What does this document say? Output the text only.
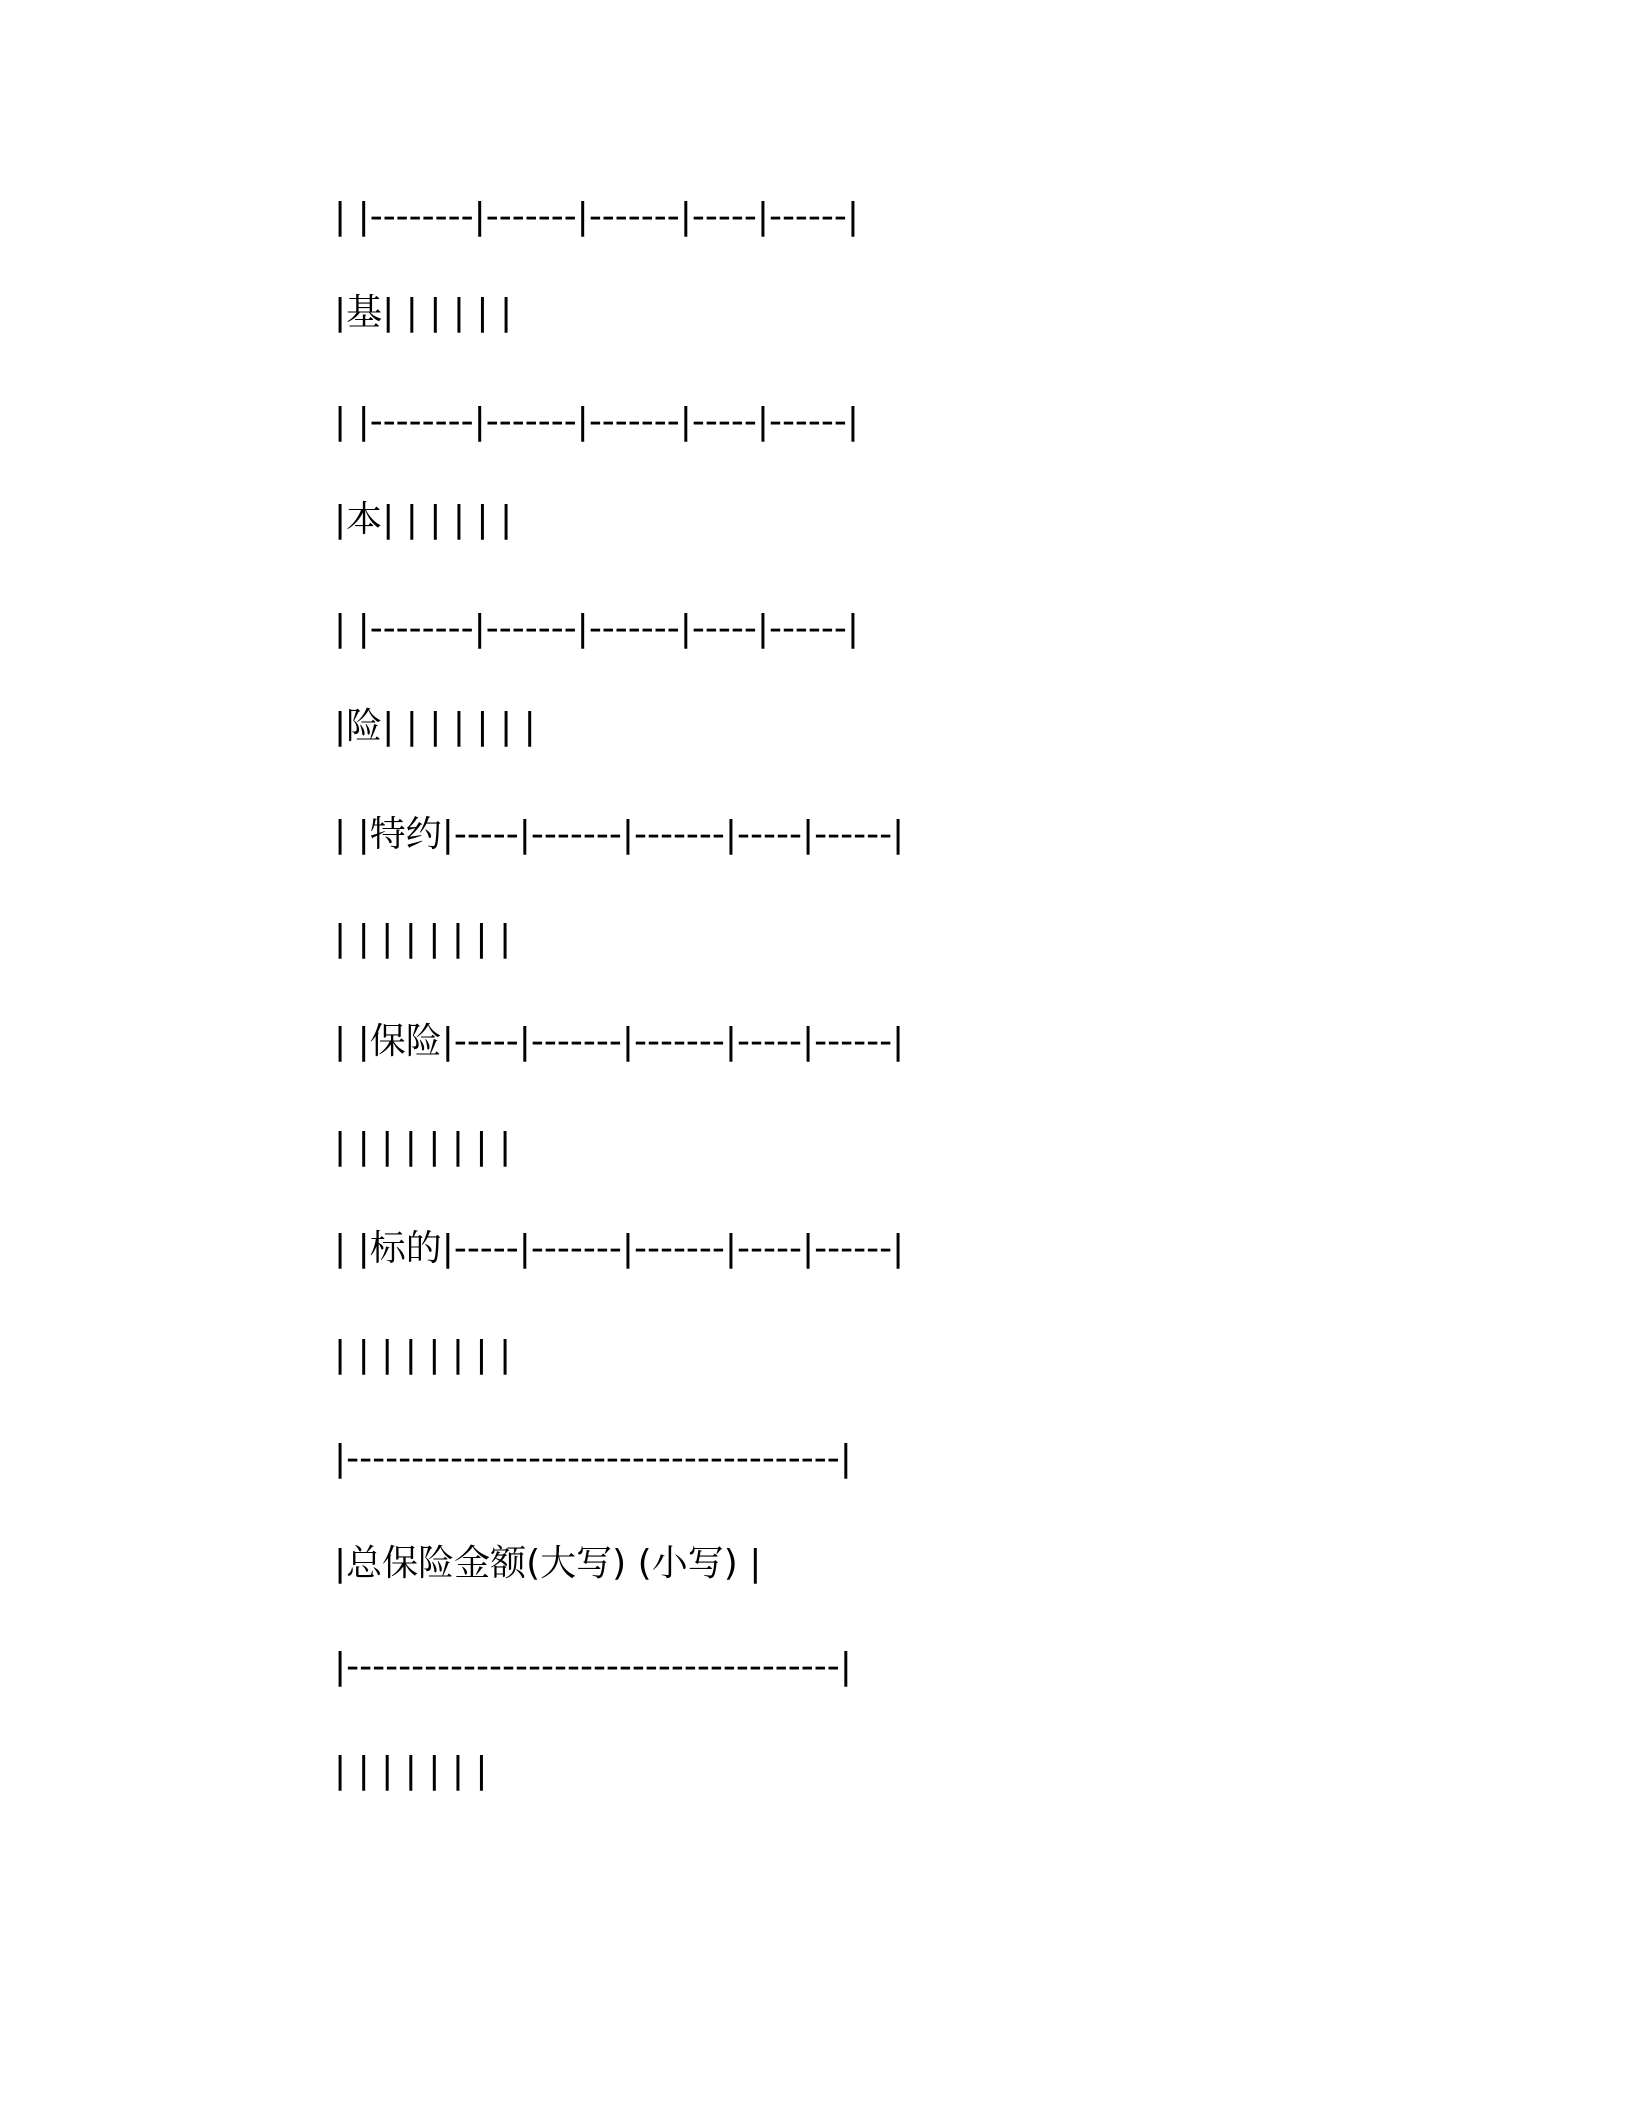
| |--------|-------|-------|-----|------|
|基| | | | | |
| |--------|-------|-------|-----|------|
|本| | | | | |
| |--------|-------|-------|-----|------|
|险| | | | | | |
| |特约|-----|-------|-------|-----|------|
| | | | | | | |
| |保险|-----|-------|-------|-----|------|
| | | | | | | |
| |标的|-----|-------|-------|-----|------|
| | | | | | | |
|--------------------------------------|
|总保险金额(大写) (小写) |
|--------------------------------------|
| | | | | | |
